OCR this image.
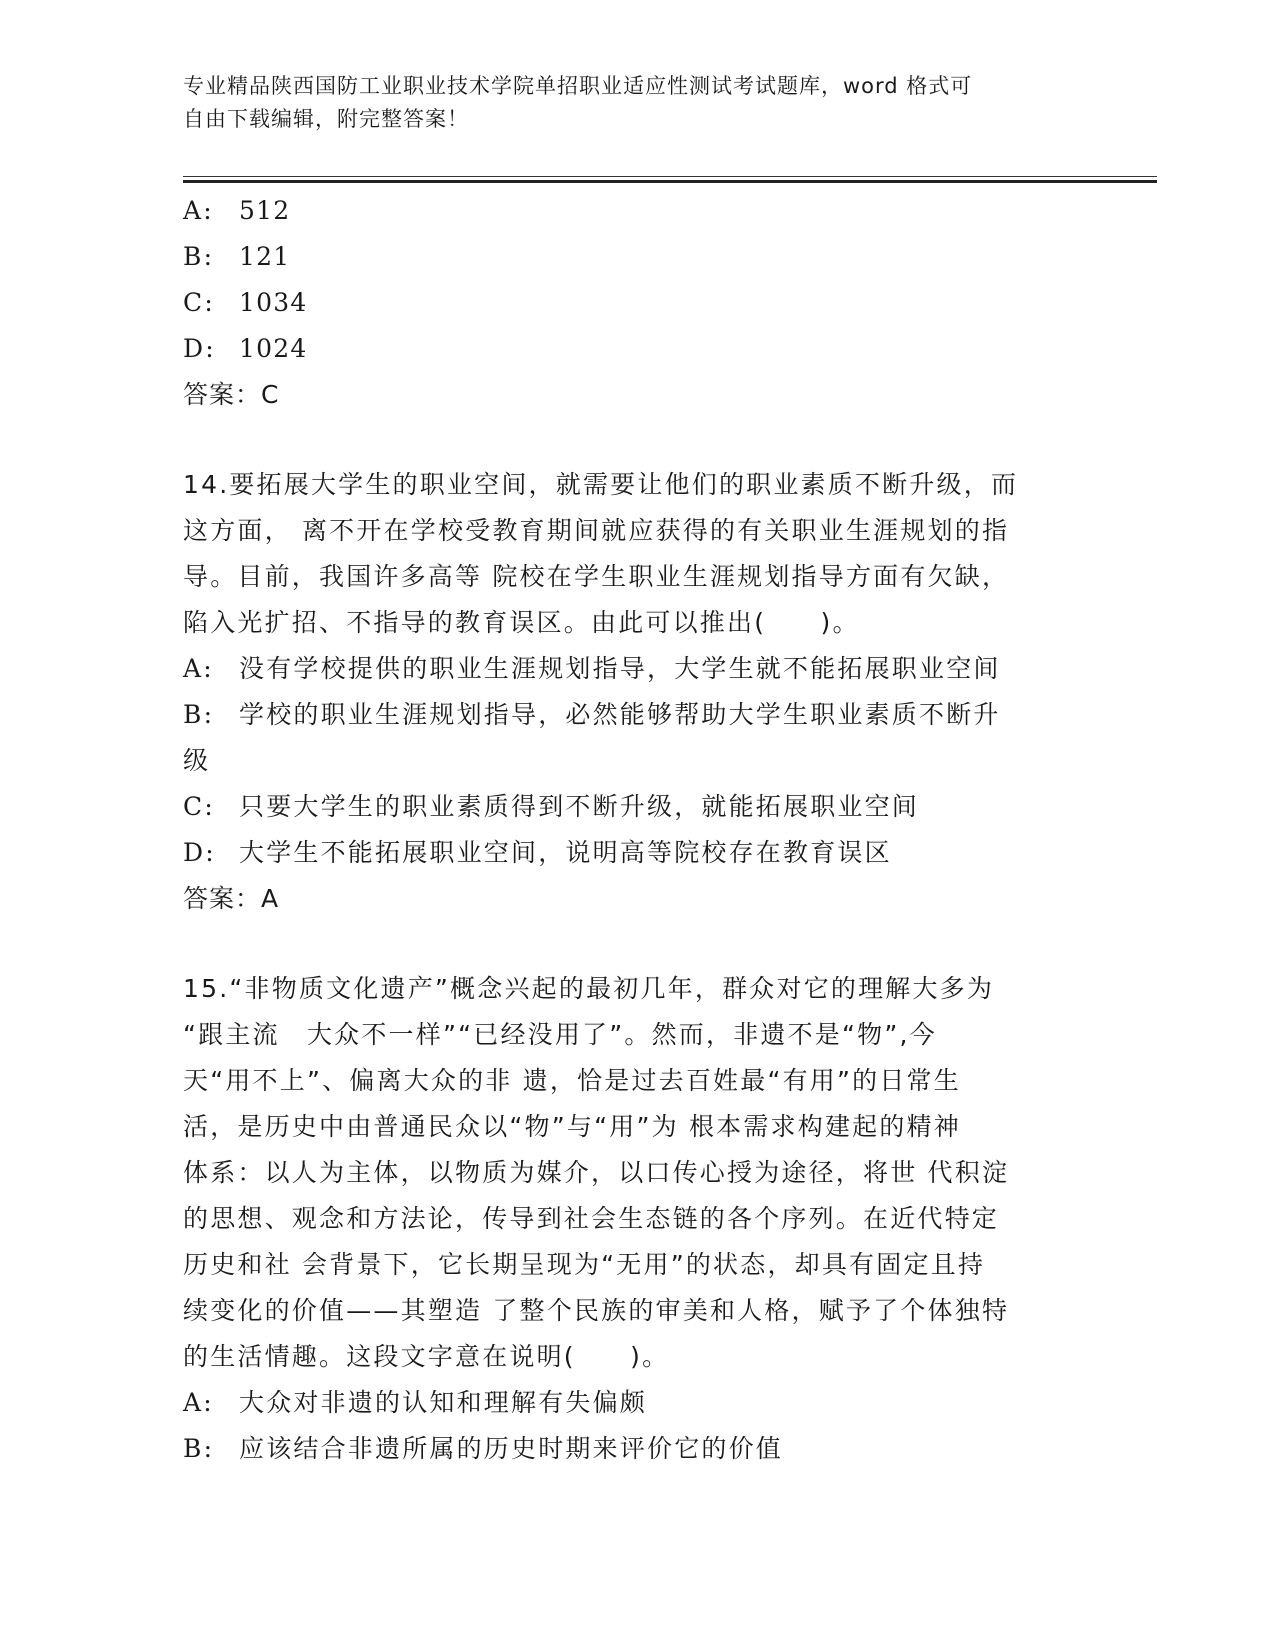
专业精品陕西国防工业职业技术学院单招职业适应性测试考试题库，word 格式可
自由下载编辑，附完整答案！
A: 512
B: 121
C: 1034
D: 1024
答案：C
14.要拓展大学生的职业空间，就需要让他们的职业素质不断升级，而
这方面， 离不开在学校受教育期间就应获得的有关职业生涯规划的指
导。目前，我国许多高等 院校在学生职业生涯规划指导方面有欠缺，
陷入光扩招、不指导的教育误区。由此可以推出(　　)。
A: 没有学校提供的职业生涯规划指导，大学生就不能拓展职业空间
B: 学校的职业生涯规划指导，必然能够帮助大学生职业素质不断升
级
C: 只要大学生的职业素质得到不断升级，就能拓展职业空间
D: 大学生不能拓展职业空间，说明高等院校存在教育误区
答案：A
15.“非物质文化遗产”概念兴起的最初几年，群众对它的理解大多为
“跟主流　大众不一样”“已经没用了”。然而，非遗不是“物”,今
天“用不上”、偏离大众的非 遗，恰是过去百姓最“有用”的日常生
活，是历史中由普通民众以“物”与“用”为 根本需求构建起的精神
体系：以人为主体，以物质为媒介，以口传心授为途径，将世 代积淀
的思想、观念和方法论，传导到社会生态链的各个序列。在近代特定
历史和社 会背景下，它长期呈现为“无用”的状态，却具有固定且持
续变化的价值——其塑造 了整个民族的审美和人格，赋予了个体独特
的生活情趣。这段文字意在说明(　　)。
A: 大众对非遗的认知和理解有失偏颇
B: 应该结合非遗所属的历史时期来评价它的价值
